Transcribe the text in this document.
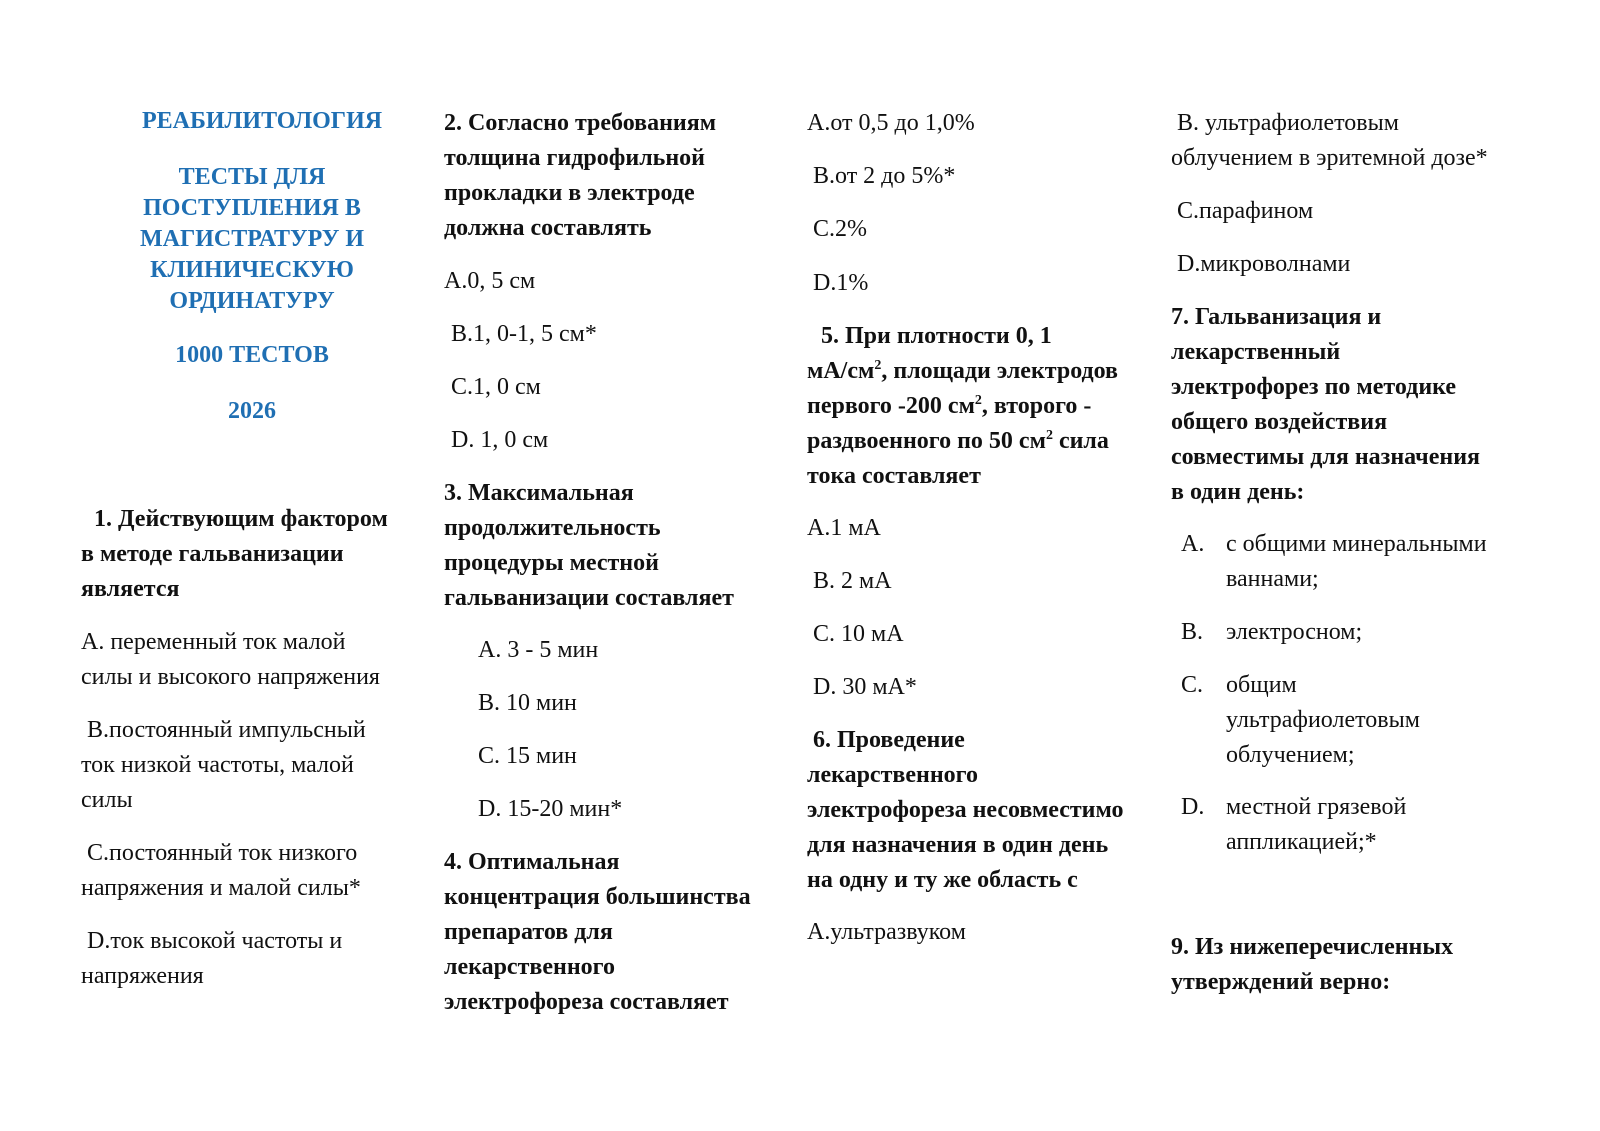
РЕАБИЛИТОЛОГИЯ
ТЕСТЫ ДЛЯ
ПОСТУПЛЕНИЯ В
МАГИСТРАТУРУ И
КЛИНИЧЕСКУЮ
ОРДИНАТУРУ
1000 ТЕСТОВ
2026
1. Действующим фактором
в методе гальванизации
является
A. переменный ток малой
силы и высокого напряжения
B.постоянный импульсный
ток низкой частоты, малой
силы
C.постоянный ток низкого
напряжения и малой силы*
D.ток высокой частоты и
напряжения
2. Согласно требованиям
толщина гидрофильной
прокладки в электроде
должна составлять
A.0, 5 см
B.1, 0-1, 5 см*
C.1, 0 см
D. 1, 0 см
3. Максимальная
продолжительность
процедуры местной
гальванизации составляет
A. 3 - 5 мин
B. 10 мин
C. 15 мин
D. 15-20 мин*
4. Оптимальная
концентрация большинства
препаратов для
лекарственного
электрофореза составляет
A.от 0,5 до 1,0%
B.от 2 до 5%*
C.2%
D.1%
5. При плотности 0, 1
$мА/см^2$, площади электродов
первого -200 $см^2$, второго -
раздвоенного по 50 $см^2$ сила
тока составляет
A.1 мА
B. 2 мА
C. 10 мА
D. 30 мА*
6. Проведение
лекарственного
электрофореза несовместимо
для назначения в один день
на одну и ту же область с
A.ультразвуком
B. ультрафиолетовым
облучением в эритемной дозе*
C.парафином
D.микроволнами
7. Гальванизация и
лекарственный
электрофорез по методике
общего воздействия
совместимы для назначения
в один день:
A. с общими минеральными
ваннами;
B. электросном;
C. общим
ультрафиолетовым
облучением;
D. местной грязевой
аппликацией;*
9. Из нижеперечисленных
утверждений верно:
